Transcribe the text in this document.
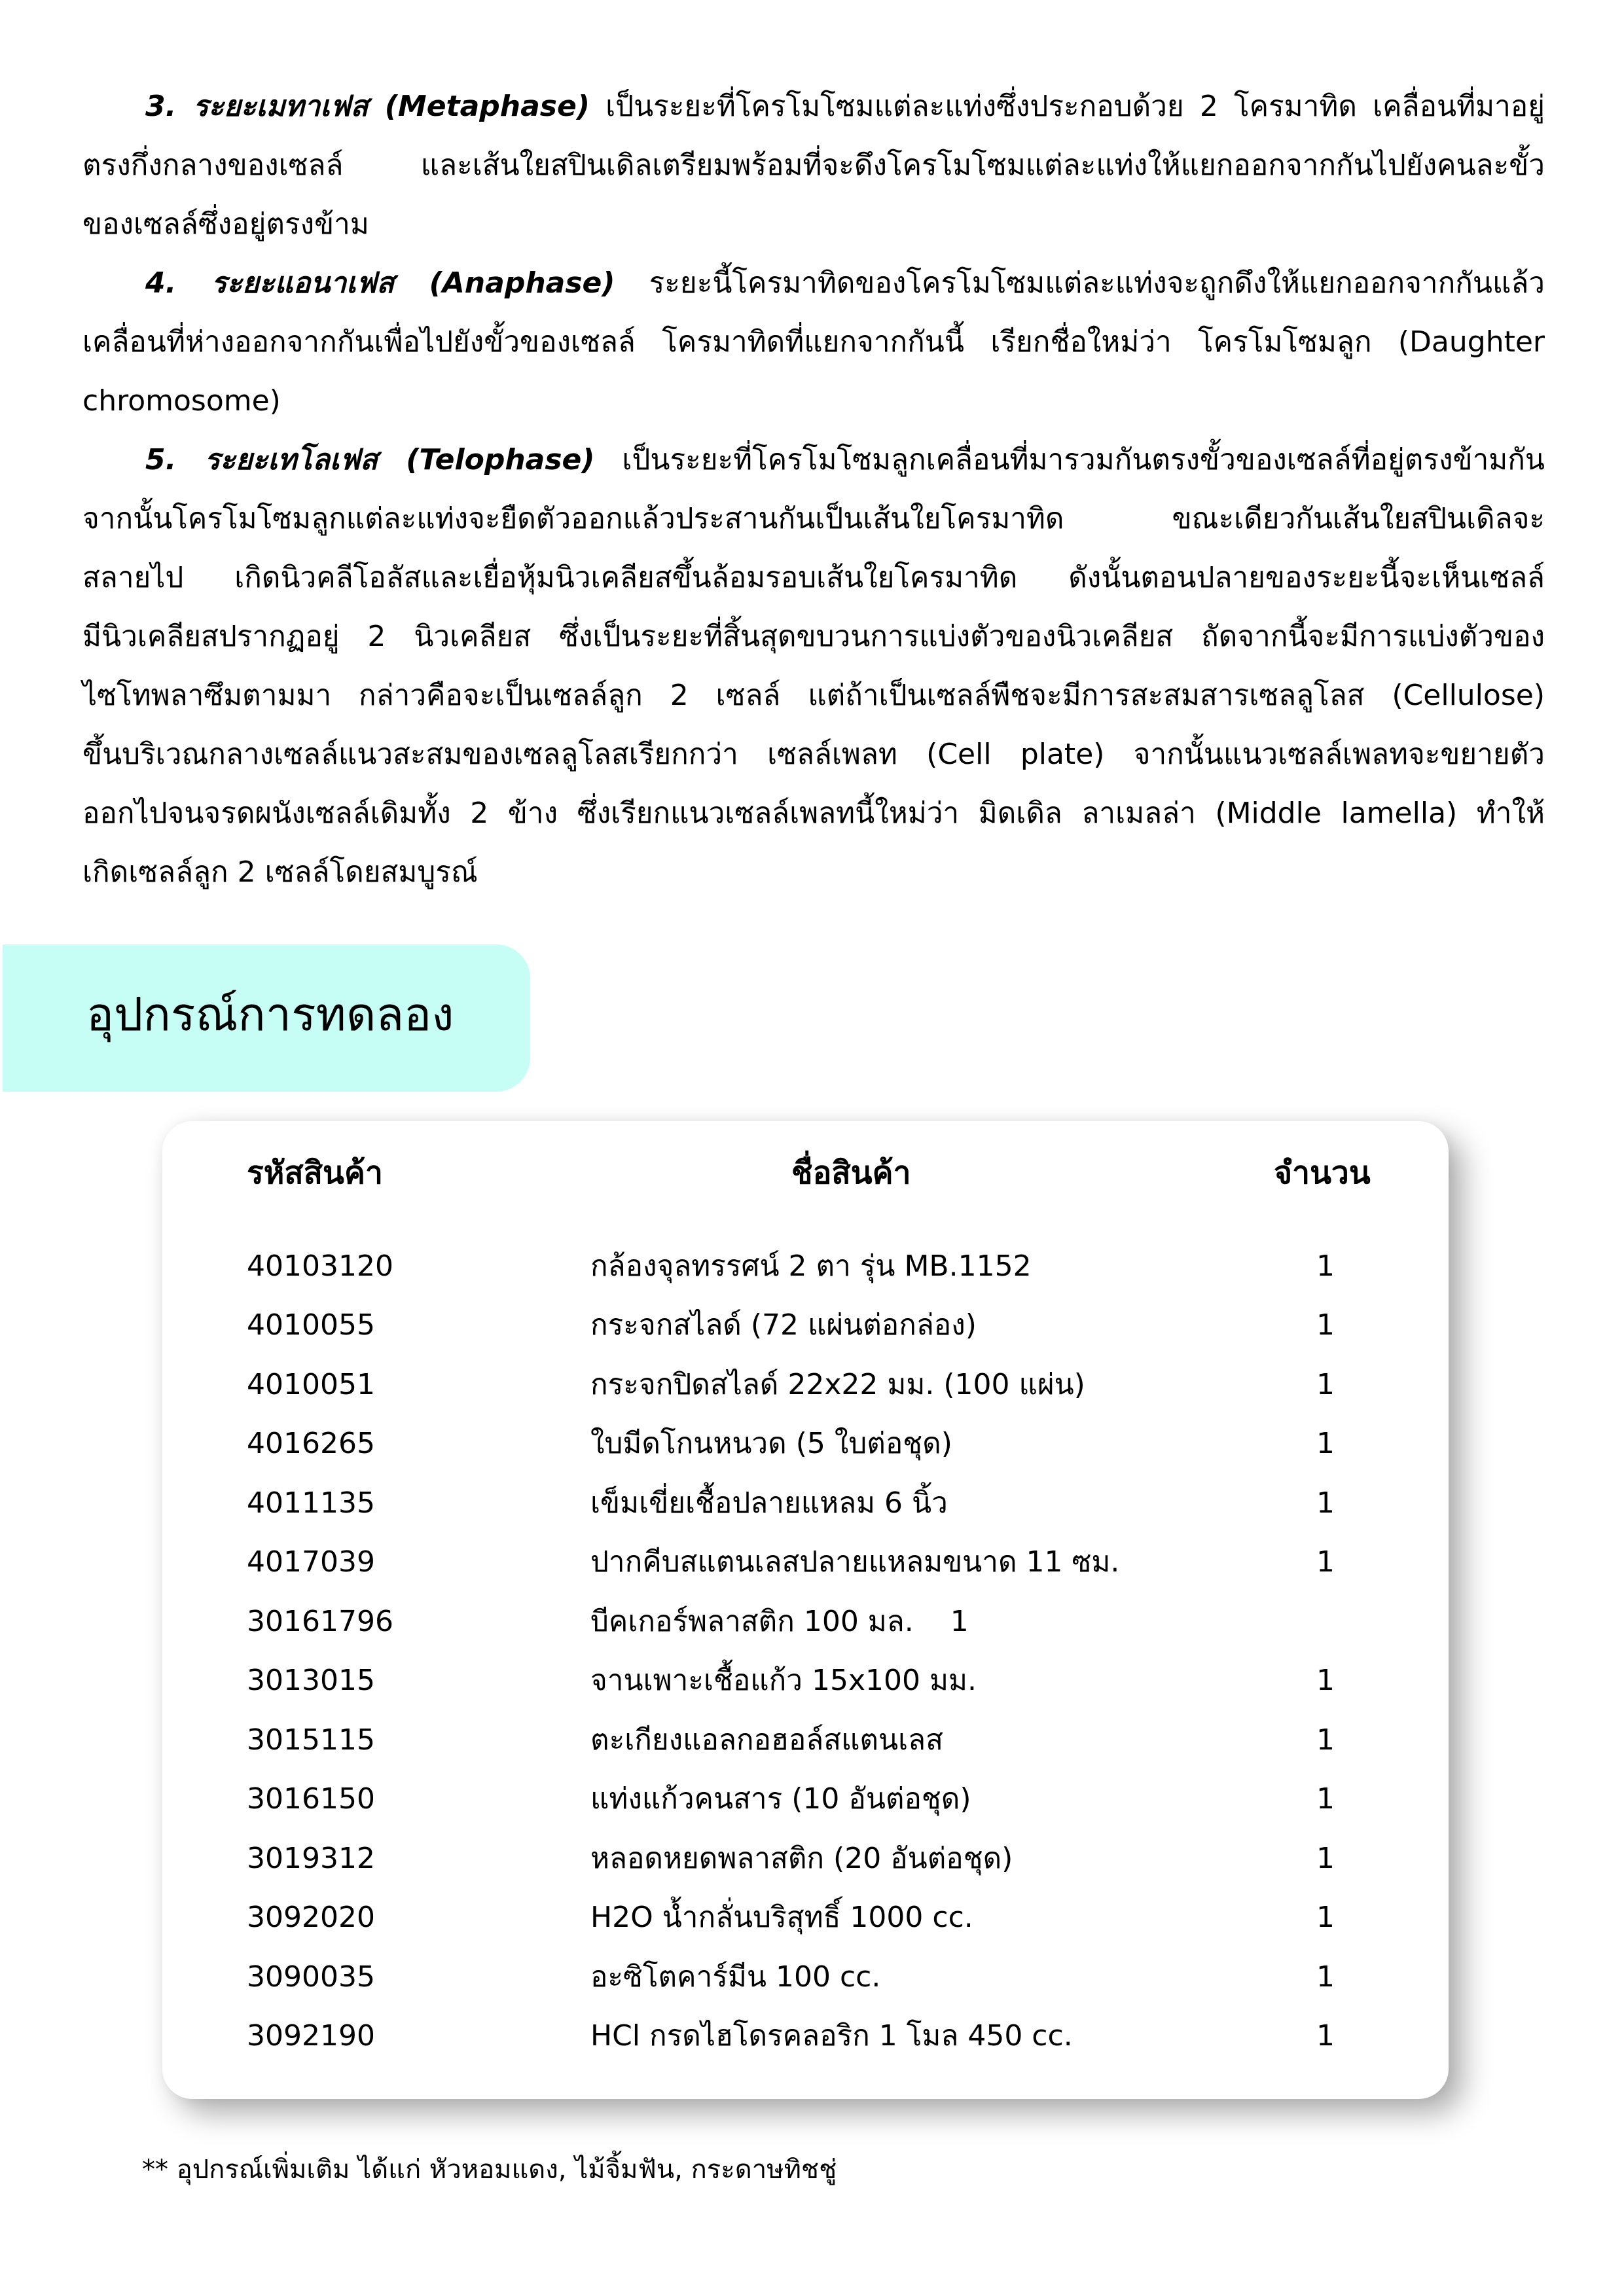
3. ระยะเมทาเฟส (Metaphase) เป็นระยะที่โครโมโซมแต่ละแท่งซึ่งประกอบด้วย 2 โครมาทิด เคลื่อนที่มาอยู่
ตรงกึ่งกลางของเซลล์ และเส้นใยสปินเดิลเตรียมพร้อมที่จะดึงโครโมโซมแต่ละแท่งให้แยกออกจากกันไปยังคนละขั้ว
ของเซลล์ซึ่งอยู่ตรงข้าม
4. ระยะแอนาเฟส (Anaphase) ระยะนี้โครมาทิดของโครโมโซมแต่ละแท่งจะถูกดึงให้แยกออกจากกันแล้ว
เคลื่อนที่ห่างออกจากกันเพื่อไปยังขั้วของเซลล์ โครมาทิดที่แยกจากกันนี้ เรียกชื่อใหม่ว่า โครโมโซมลูก (Daughter
chromosome)
5. ระยะเทโลเฟส (Telophase) เป็นระยะที่โครโมโซมลูกเคลื่อนที่มารวมกันตรงขั้วของเซลล์ที่อยู่ตรงข้ามกัน
จากนั้นโครโมโซมลูกแต่ละแท่งจะยืดตัวออกแล้วประสานกันเป็นเส้นใยโครมาทิด ขณะเดียวกันเส้นใยสปินเดิลจะ
สลายไป เกิดนิวคลีโอลัสและเยื่อหุ้มนิวเคลียสขึ้นล้อมรอบเส้นใยโครมาทิด ดังนั้นตอนปลายของระยะนี้จะเห็นเซลล์
มีนิวเคลียสปรากฏอยู่ 2 นิวเคลียส ซึ่งเป็นระยะที่สิ้นสุดขบวนการแบ่งตัวของนิวเคลียส ถัดจากนี้จะมีการแบ่งตัวของ
ไซโทพลาซึมตามมา กล่าวคือจะเป็นเซลล์ลูก 2 เซลล์ แต่ถ้าเป็นเซลล์พืชจะมีการสะสมสารเซลลูโลส (Cellulose)
ขึ้นบริเวณกลางเซลล์แนวสะสมของเซลลูโลสเรียกกว่า เซลล์เพลท (Cell plate) จากนั้นแนวเซลล์เพลทจะขยายตัว
ออกไปจนจรดผนังเซลล์เดิมทั้ง 2 ข้าง ซึ่งเรียกแนวเซลล์เพลทนี้ใหม่ว่า มิดเดิล ลาเมลล่า (Middle lamella) ทำให้
เกิดเซลล์ลูก 2 เซลล์โดยสมบูรณ์
อุปกรณ์การทดลอง
รหัสสินค้า	ชื่อสินค้า	จำนวน
40103120	กล้องจุลทรรศน์ 2 ตา รุ่น MB.1152	1
4010055	กระจกสไลด์ (72 แผ่นต่อกล่อง)	1
4010051	กระจกปิดสไลด์ 22x22 มม. (100 แผ่น)	1
4016265	ใบมีดโกนหนวด (5 ใบต่อชุด)	1
4011135	เข็มเขี่ยเชื้อปลายแหลม 6 นิ้ว	1
4017039	ปากคีบสแตนเลสปลายแหลมขนาด 11 ซม.	1
30161796	บีคเกอร์พลาสติก 100 มล.    1
3013015	จานเพาะเชื้อแก้ว 15x100 มม.	1
3015115	ตะเกียงแอลกอฮอล์สแตนเลส	1
3016150	แท่งแก้วคนสาร (10 อันต่อชุด)	1
3019312	หลอดหยดพลาสติก (20 อันต่อชุด)	1
3092020	H2O น้ำกลั่นบริสุทธิ์ 1000 cc.	1
3090035	อะซิโตคาร์มีน 100 cc.	1
3092190	HCl กรดไฮโดรคลอริก 1 โมล 450 cc.	1
** อุปกรณ์เพิ่มเติม ได้แก่ หัวหอมแดง, ไม้จิ้มฟัน, กระดาษทิชชู่
